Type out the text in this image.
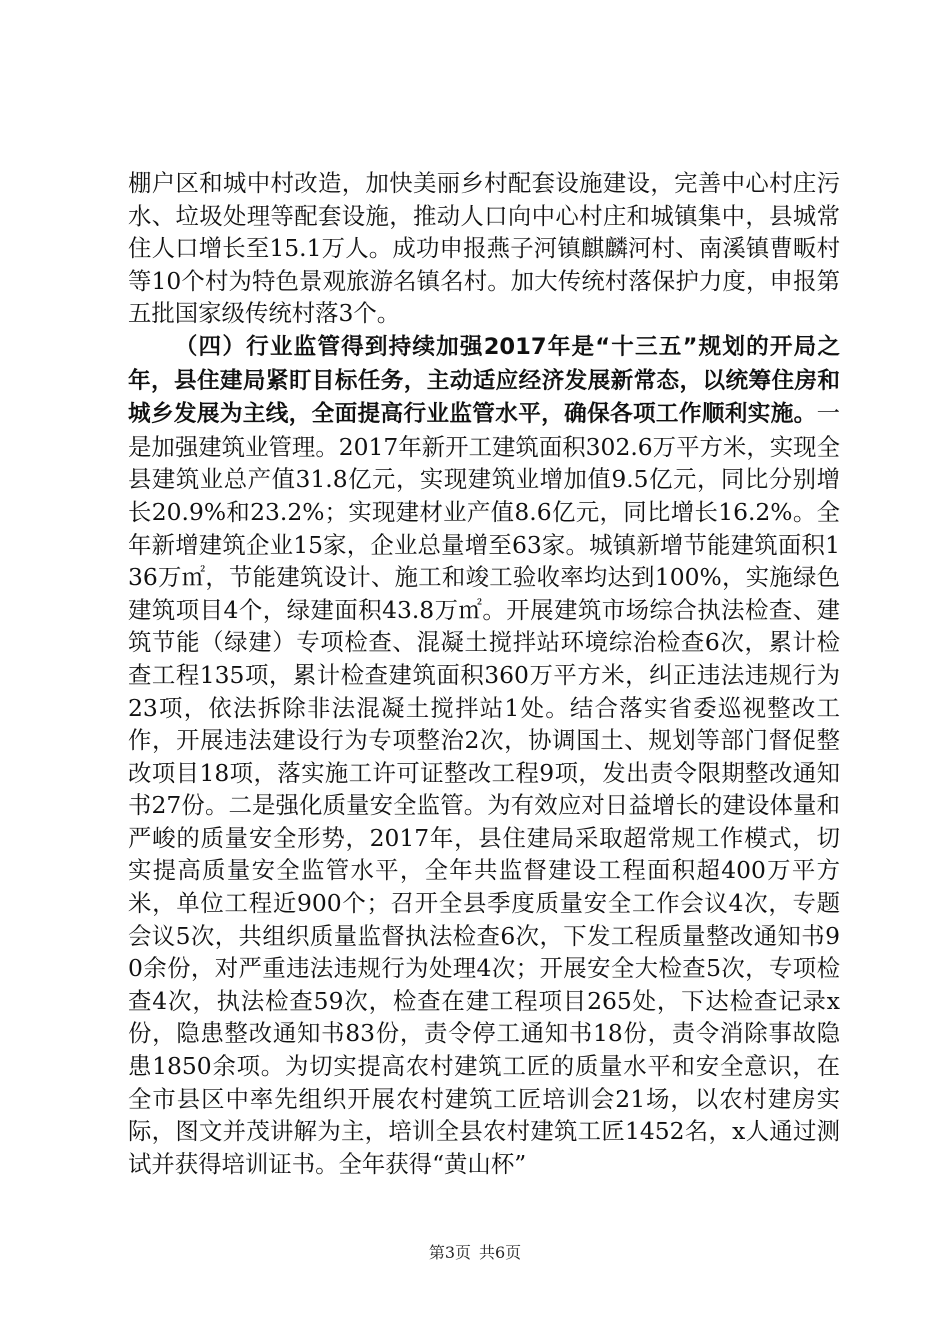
棚户区和城中村改造，加快美丽乡村配套设施建设，完善中心村庄污水、垃圾处理等配套设施，推动人口向中心村庄和城镇集中，县城常住人口增长至15.1万人。成功申报燕子河镇麒麟河村、南溪镇曹畈村等10个村为特色景观旅游名镇名村。加大传统村落保护力度，申报第五批国家级传统村落3个。

（四）行业监管得到持续加强2017年是“十三五”规划的开局之年，县住建局紧盯目标任务，主动适应经济发展新常态，以统筹住房和城乡发展为主线，全面提高行业监管水平，确保各项工作顺利实施。一是加强建筑业管理。2017年新开工建筑面积302.6万平方米，实现全县建筑业总产值31.8亿元，实现建筑业增加值9.5亿元，同比分别增长20.9%和23.2%；实现建材业产值8.6亿元，同比增长16.2%。全年新增建筑企业15家，企业总量增至63家。城镇新增节能建筑面积136万㎡，节能建筑设计、施工和竣工验收率均达到100%，实施绿色建筑项目4个，绿建面积43.8万㎡。开展建筑市场综合执法检查、建筑节能（绿建）专项检查、混凝土搅拌站环境综治检查6次，累计检查工程135项，累计检查建筑面积360万平方米，纠正违法违规行为23项，依法拆除非法混凝土搅拌站1处。结合落实省委巡视整改工作，开展违法建设行为专项整治2次，协调国土、规划等部门督促整改项目18项，落实施工许可证整改工程9项，发出责令限期整改通知书27份。二是强化质量安全监管。为有效应对日益增长的建设体量和严峻的质量安全形势，2017年，县住建局采取超常规工作模式，切实提高质量安全监管水平，全年共监督建设工程面积超400万平方米，单位工程近900个；召开全县季度质量安全工作会议4次，专题会议5次，共组织质量监督执法检查6次，下发工程质量整改通知书90余份，对严重违法违规行为处理4次；开展安全大检查5次，专项检查4次，执法检查59次，检查在建工程项目265处，下达检查记录x份，隐患整改通知书83份，责令停工通知书18份，责令消除事故隐患1850余项。为切实提高农村建筑工匠的质量水平和安全意识，在全市县区中率先组织开展农村建筑工匠培训会21场，以农村建房实际，图文并茂讲解为主，培训全县农村建筑工匠1452名，x人通过测试并获得培训证书。全年获得“黄山杯”

第3页 共6页
